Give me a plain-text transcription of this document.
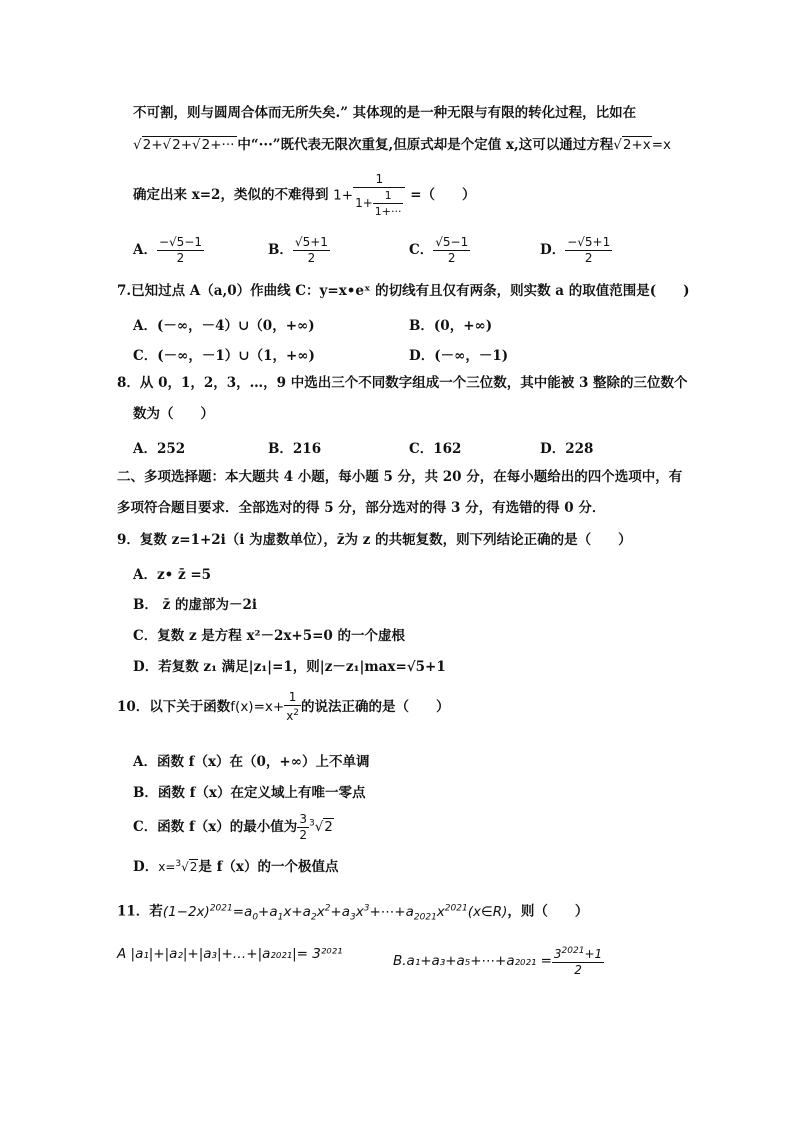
不可割，则与圆周合体而无所失矣.” 其体现的是一种无限与有限的转化过程，比如在
√2+√2+√2+··· 中“···”既代表无限次重复,但原式却是个定值 x,这可以通过方程√2+x=x
确定出来 x=2，类似的不难得到 $1+ \frac{1}{1+ \frac{1}{1+\cdot\cdot\cdot}}$ =（　　）
A． $\frac{-√5-1}{2}$	B． $\frac{√5+1}{2}$	C． $\frac{√5-1}{2}$	D． $\frac{-√5+1}{2}$
7.已知过点 A（a,0）作曲线 C：y=x•eˣ 的切线有且仅有两条，则实数 a 的取值范围是(　　)
A．(－∞，－4）∪（0，+∞)	B．(0，+∞)
C．(－∞，－1）∪（1，+∞)	D．(－∞，－1)
8．从 0，1，2，3，…，9 中选出三个不同数字组成一个三位数，其中能被 3 整除的三位数个
数为（　　）
A．252	B．216	C．162	D．228
二、多项选择题：本大题共 4 小题，每小题 5 分，共 20 分，在每小题给出的四个选项中，有
多项符合题目要求．全部选对的得 5 分，部分选对的得 3 分，有选错的得 0 分．
9．复数 z=1+2i（i 为虚数单位），z̄为 z 的共轭复数，则下列结论正确的是（　　）
A．z• z̄ =5
B． z̄ 的虚部为－2i
C．复数 z 是方程 x²－2x+5=0 的一个虚根
D．若复数 z₁ 满足|z₁|=1，则|z－z₁|max=√5+1
10．以下关于函数$f(x)=x+ \frac{1}{x^2}$ 的说法正确的是（　　）
A．函数 f（x）在（0，+∞）上不单调
B．函数 f（x）在定义域上有唯一零点
C．函数 f（x）的最小值为 $\frac{3}{2} ^3√2$
D．x=$^3$√2是 f（x）的一个极值点
11．若$(1-2x)^{2021}=a_0+a_1x+a_2x^2+a_3x^3+\cdots+a_{2021}x^{2021}(x\in R)$，则（　　）
A |a₁|+|a₂|+|a₃|+…+|a₂₀₂₁|= 3²⁰²¹	B.a₁+a₃+a₅+⋯+a₂₀₂₁ = $\frac{3^{2021}+1}{2}$
